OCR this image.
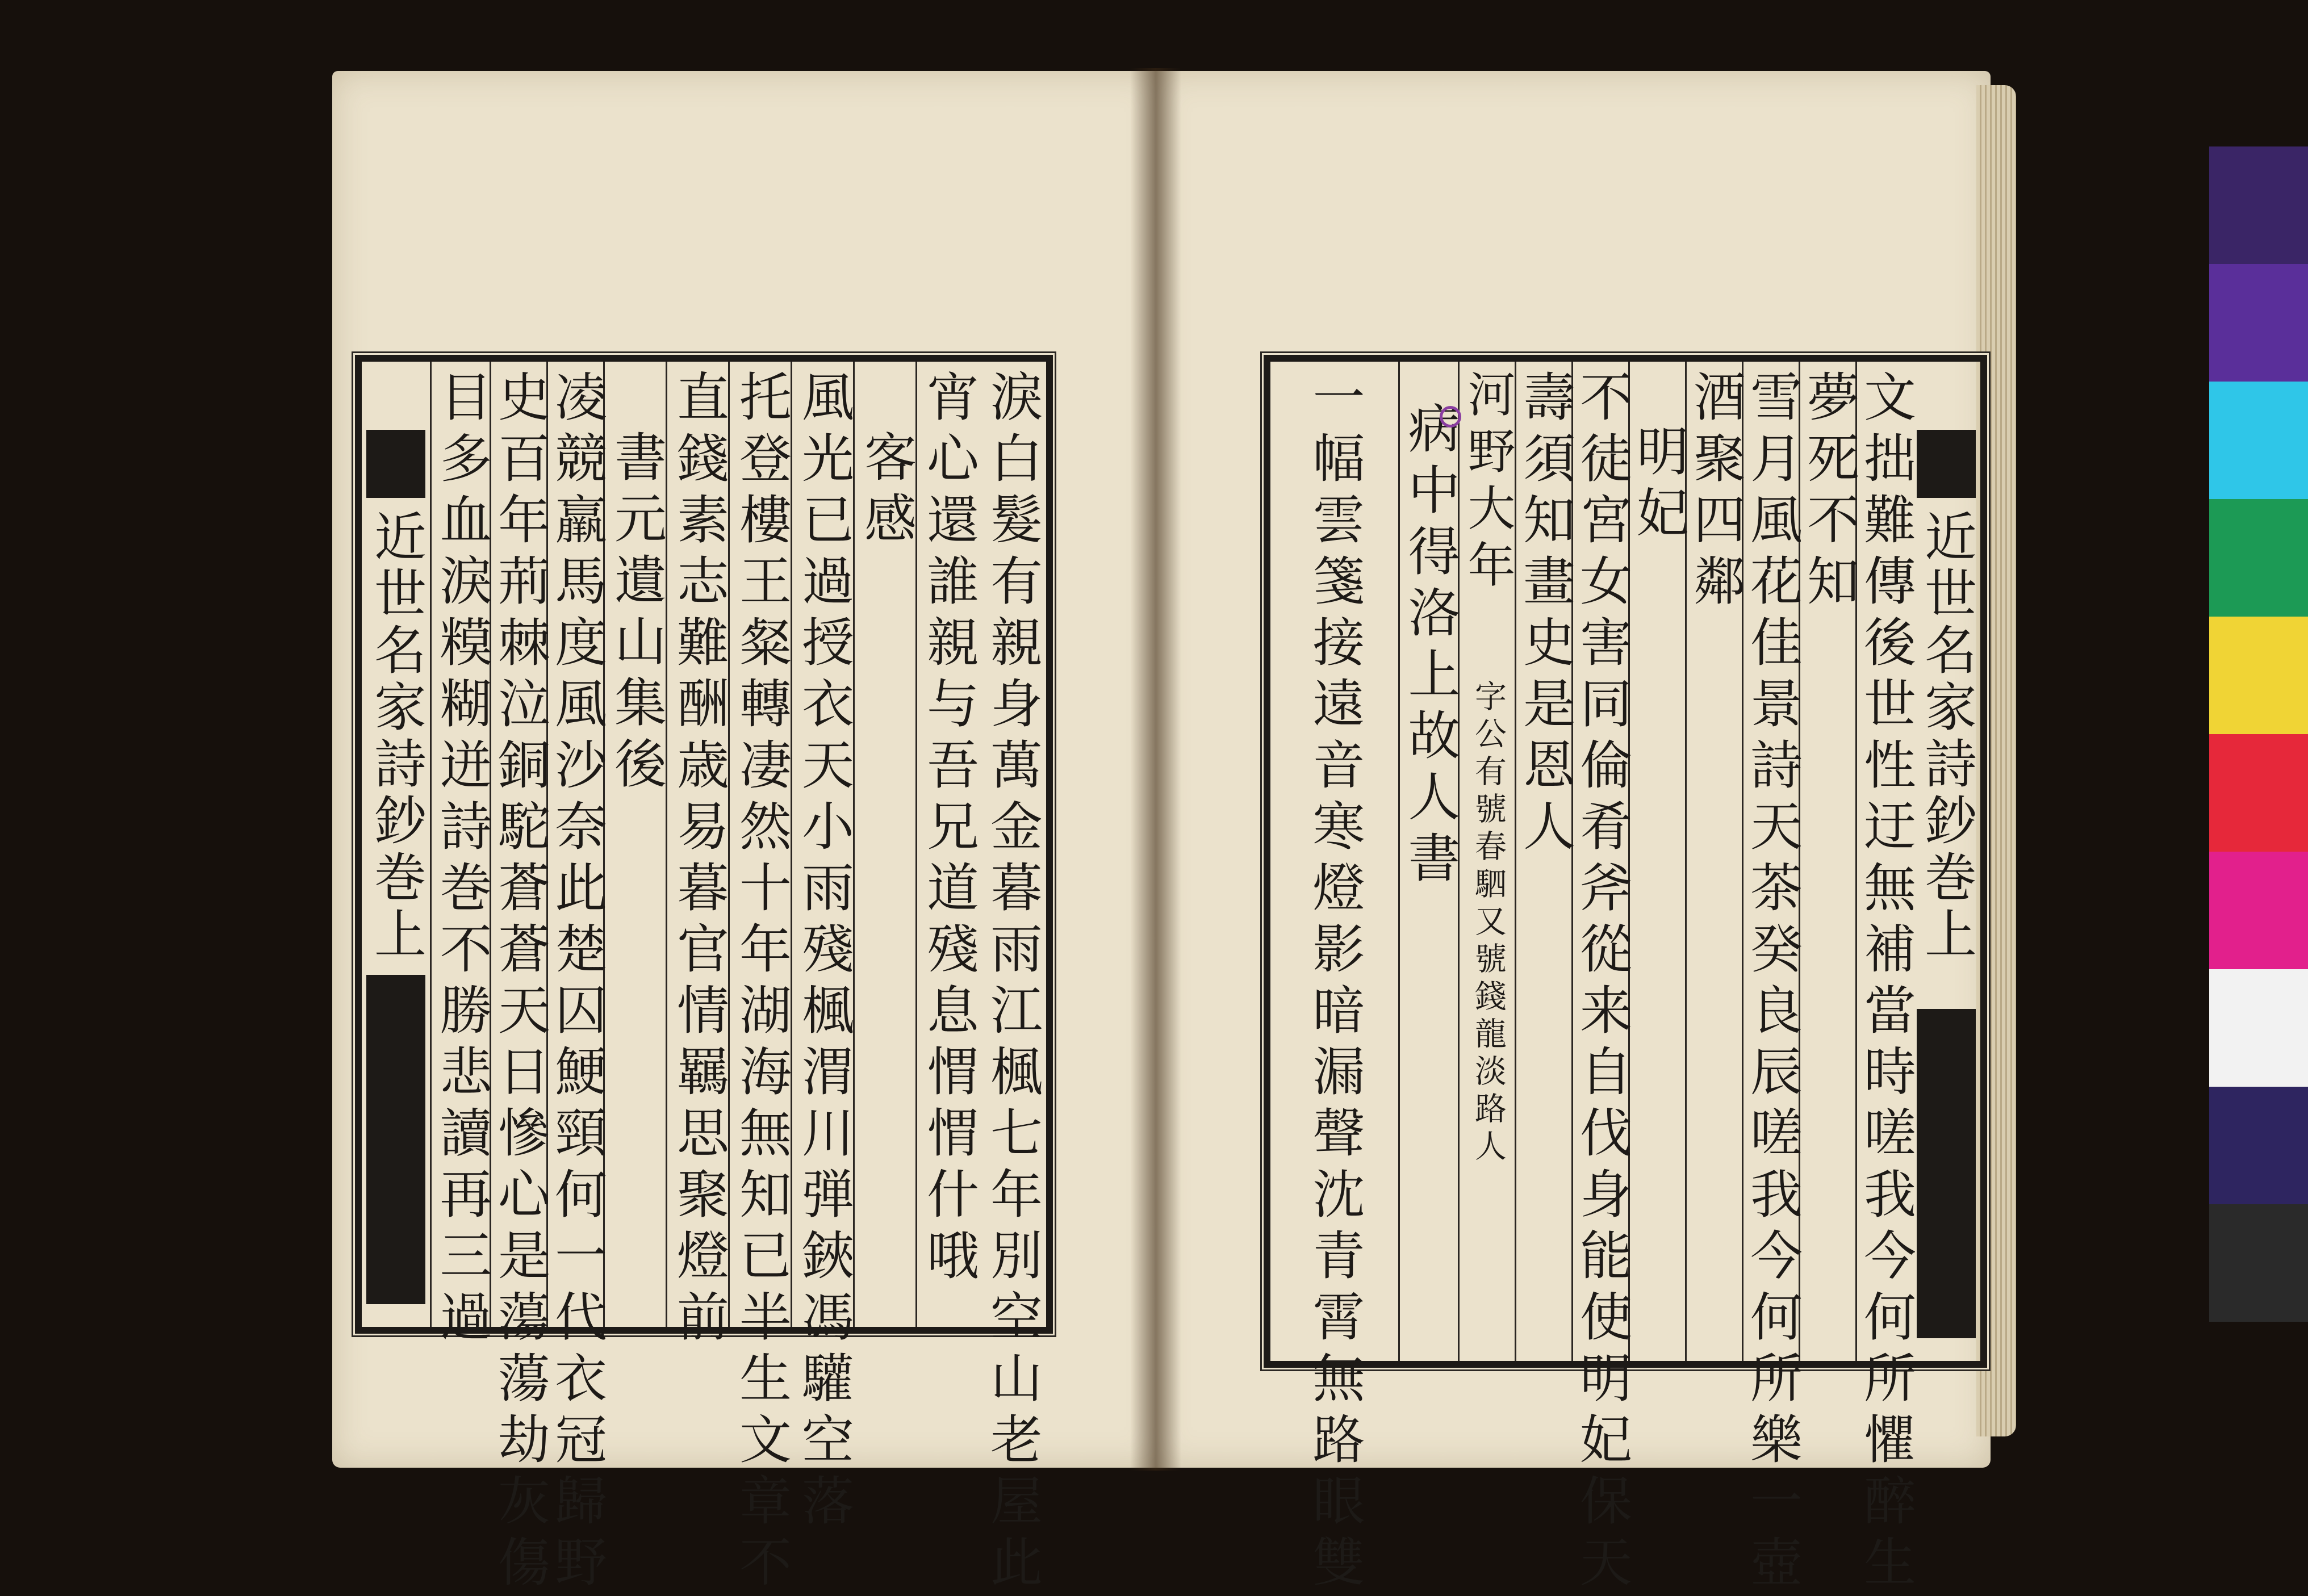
近世名家詩鈔巻上	淚白髮有親身萬金暮雨江楓七年別空山老屋此
宵心還誰親与吾兄道殘息㥜㥜什哦
客感
風光已過授衣天小雨殘楓渭川弾鋏馮驩空落
托登樓王粲轉凄然十年湖海無知已半生文章不
直錢素志難酬歳易暮官情羈思聚燈前
書元遺山集後
凌競羸馬度風沙奈此楚囚鯁頸何一代衣冠歸野
史百年荊棘泣銅駝蒼蒼天日慘心是蕩蕩劫灰傷
目多血淚糢糊迸詩巻不勝悲讀再三過	近世名家詩鈔巻上
文拙難傳後世性迂無補當時嗟我今何所懼醉生
夢死不知
雪月風花佳景詩天茶癸良辰嗟我今何所樂一壺
酒聚四鄰
明妃
不徒宮女害同倫肴斧從来自伐身能使明妃保天
壽須知畫史是恩人
河野大年
字公有號春駟又號錢龍淡路人
病中得洛上故人書
一幅雲箋接遠音寒燈影暗漏聲沈青霄無路眼雙
